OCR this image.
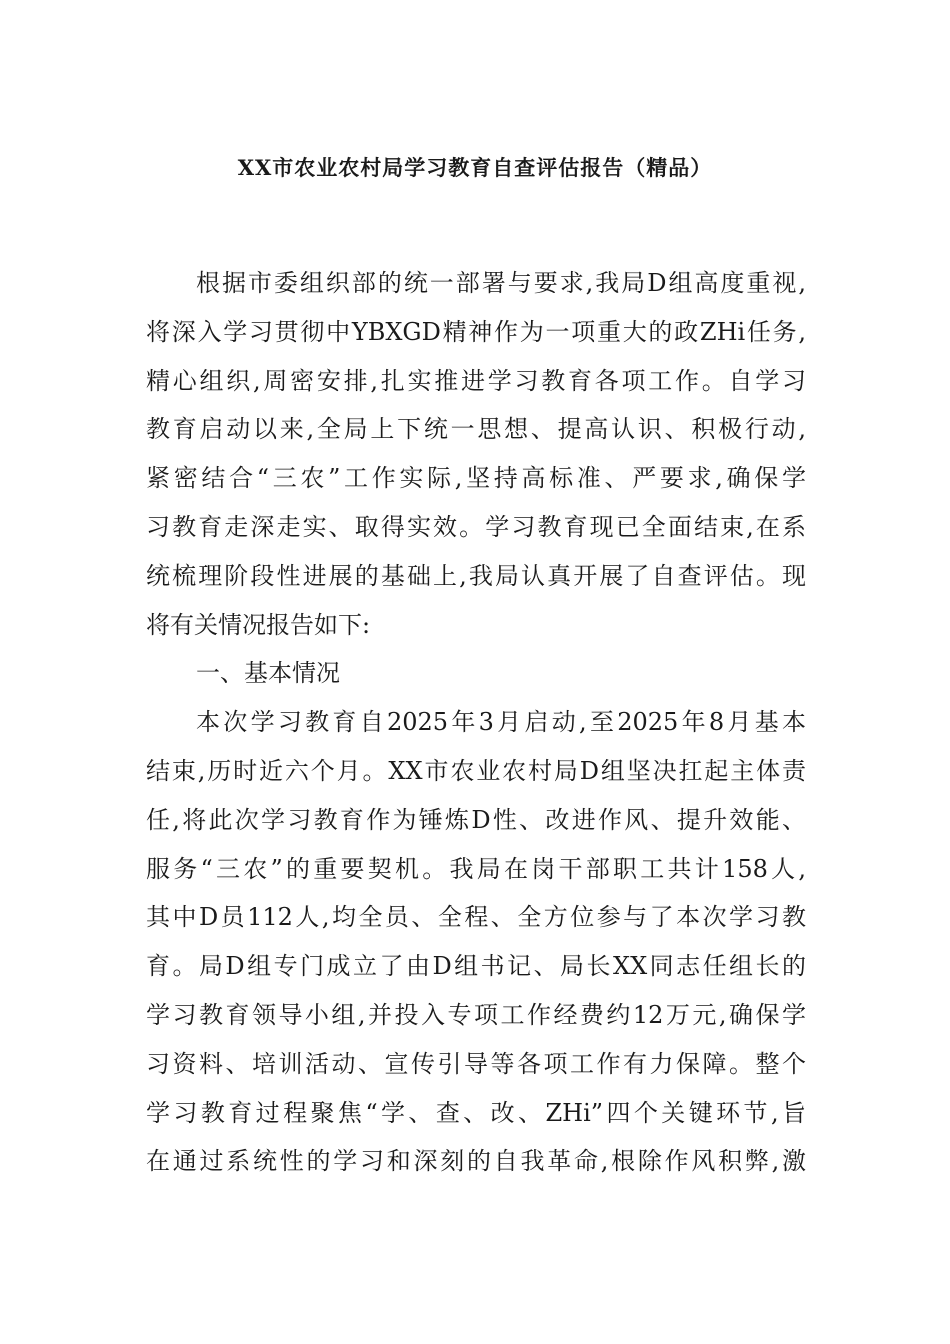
XX市农业农村局学习教育自查评估报告（精品）
根据市委组织部的统一部署与要求,我局D组高度重视,
将深入学习贯彻中YBXGD精神作为一项重大的政ZHi任务,
精心组织,周密安排,扎实推进学习教育各项工作。自学习
教育启动以来,全局上下统一思想、提高认识、积极行动,
紧密结合“三农”工作实际,坚持高标准、严要求,确保学
习教育走深走实、取得实效。学习教育现已全面结束,在系
统梳理阶段性进展的基础上,我局认真开展了自查评估。现
将有关情况报告如下:
一、基本情况
本次学习教育自2025年3月启动,至2025年8月基本
结束,历时近六个月。XX市农业农村局D组坚决扛起主体责
任,将此次学习教育作为锤炼D性、改进作风、提升效能、
服务“三农”的重要契机。我局在岗干部职工共计158人,
其中D员112人,均全员、全程、全方位参与了本次学习教
育。局D组专门成立了由D组书记、局长XX同志任组长的
学习教育领导小组,并投入专项工作经费约12万元,确保学
习资料、培训活动、宣传引导等各项工作有力保障。整个
学习教育过程聚焦“学、查、改、ZHi”四个关键环节,旨
在通过系统性的学习和深刻的自我革命,根除作风积弊,激
